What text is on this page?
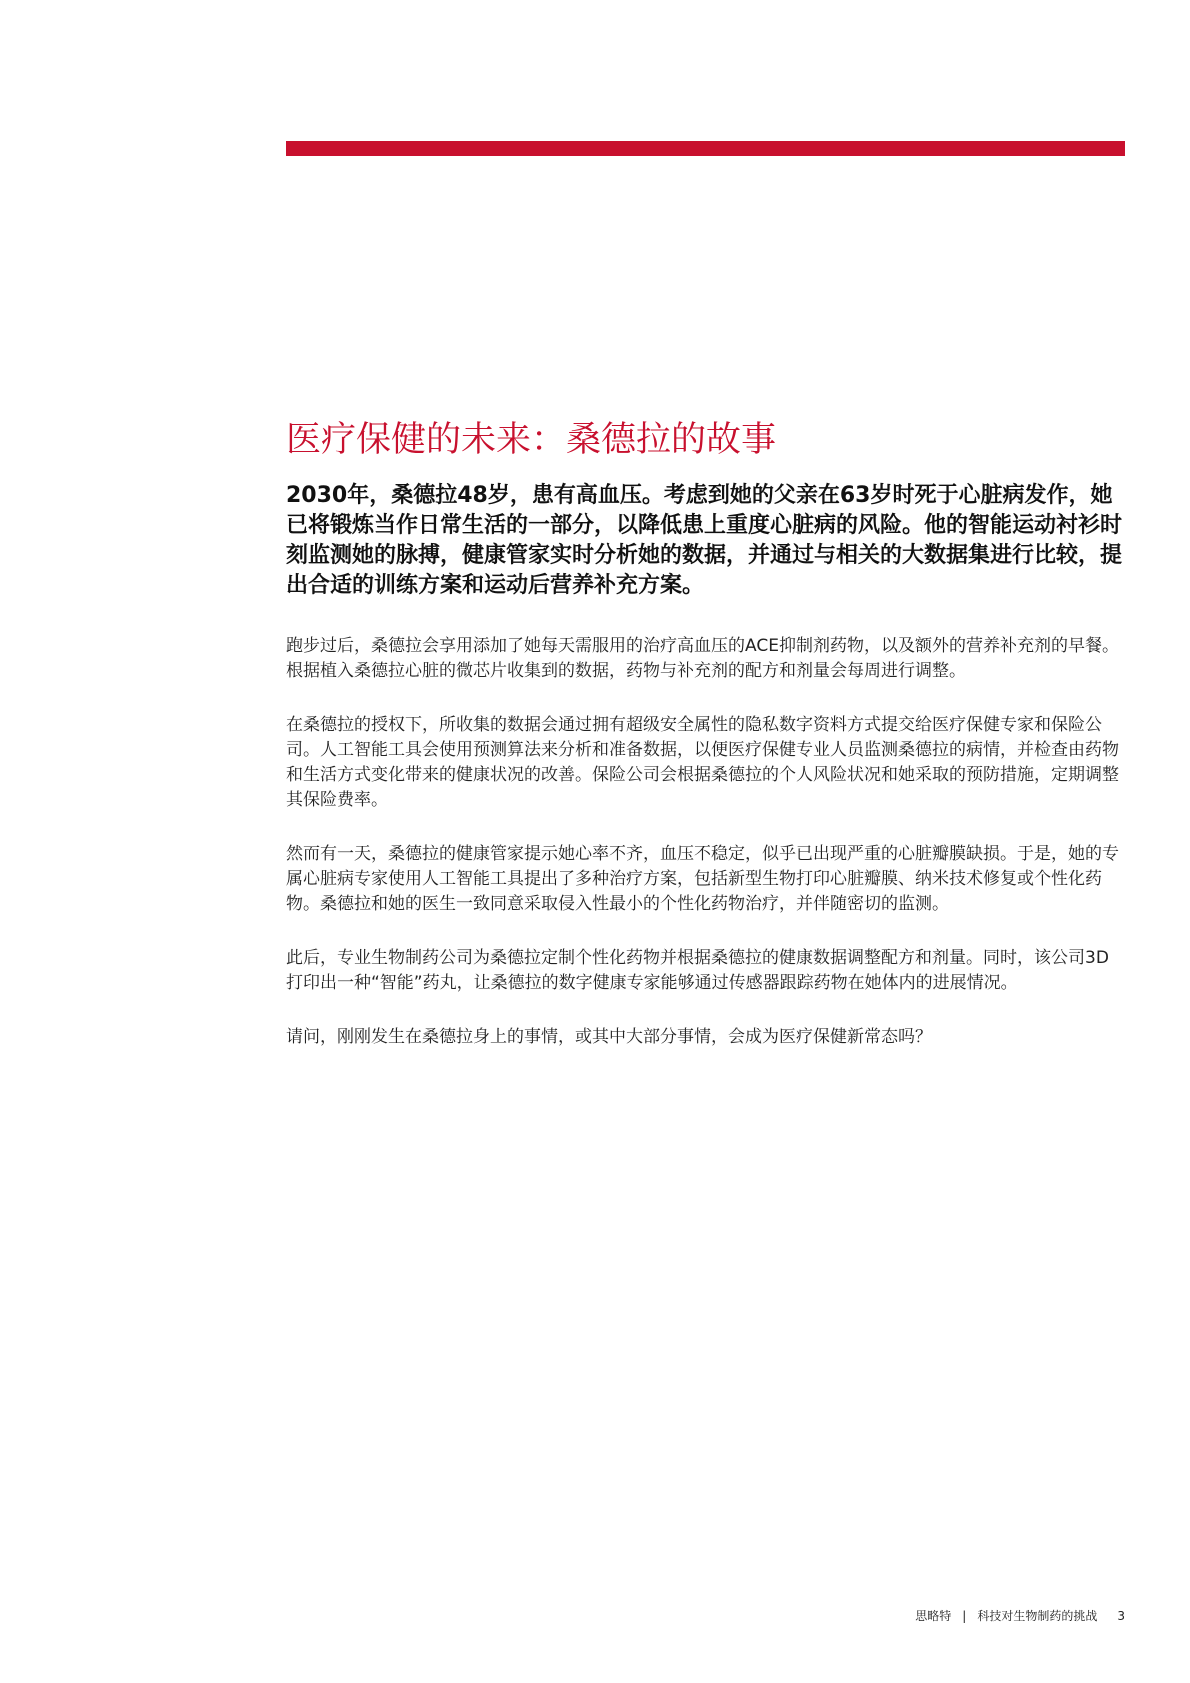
医疗保健的未来：桑德拉的故事

2030年，桑德拉48岁，患有高血压。考虑到她的父亲在63岁时死于心脏病发作，她已将锻炼当作日常生活的一部分，以降低患上重度心脏病的风险。他的智能运动衬衫时刻监测她的脉搏，健康管家实时分析她的数据，并通过与相关的大数据集进行比较，提出合适的训练方案和运动后营养补充方案。

跑步过后，桑德拉会享用添加了她每天需服用的治疗高血压的ACE抑制剂药物，以及额外的营养补充剂的早餐。根据植入桑德拉心脏的微芯片收集到的数据，药物与补充剂的配方和剂量会每周进行调整。

在桑德拉的授权下，所收集的数据会通过拥有超级安全属性的隐私数字资料方式提交给医疗保健专家和保险公司。人工智能工具会使用预测算法来分析和准备数据，以便医疗保健专业人员监测桑德拉的病情，并检查由药物和生活方式变化带来的健康状况的改善。保险公司会根据桑德拉的个人风险状况和她采取的预防措施，定期调整其保险费率。

然而有一天，桑德拉的健康管家提示她心率不齐，血压不稳定，似乎已出现严重的心脏瓣膜缺损。于是，她的专属心脏病专家使用人工智能工具提出了多种治疗方案，包括新型生物打印心脏瓣膜、纳米技术修复或个性化药物。桑德拉和她的医生一致同意采取侵入性最小的个性化药物治疗，并伴随密切的监测。

此后，专业生物制药公司为桑德拉定制个性化药物并根据桑德拉的健康数据调整配方和剂量。同时，该公司3D打印出一种“智能”药丸，让桑德拉的数字健康专家能够通过传感器跟踪药物在她体内的进展情况。

请问，刚刚发生在桑德拉身上的事情，或其中大部分事情，会成为医疗保健新常态吗？

思略特 | 科技对生物制药的挑战 3
